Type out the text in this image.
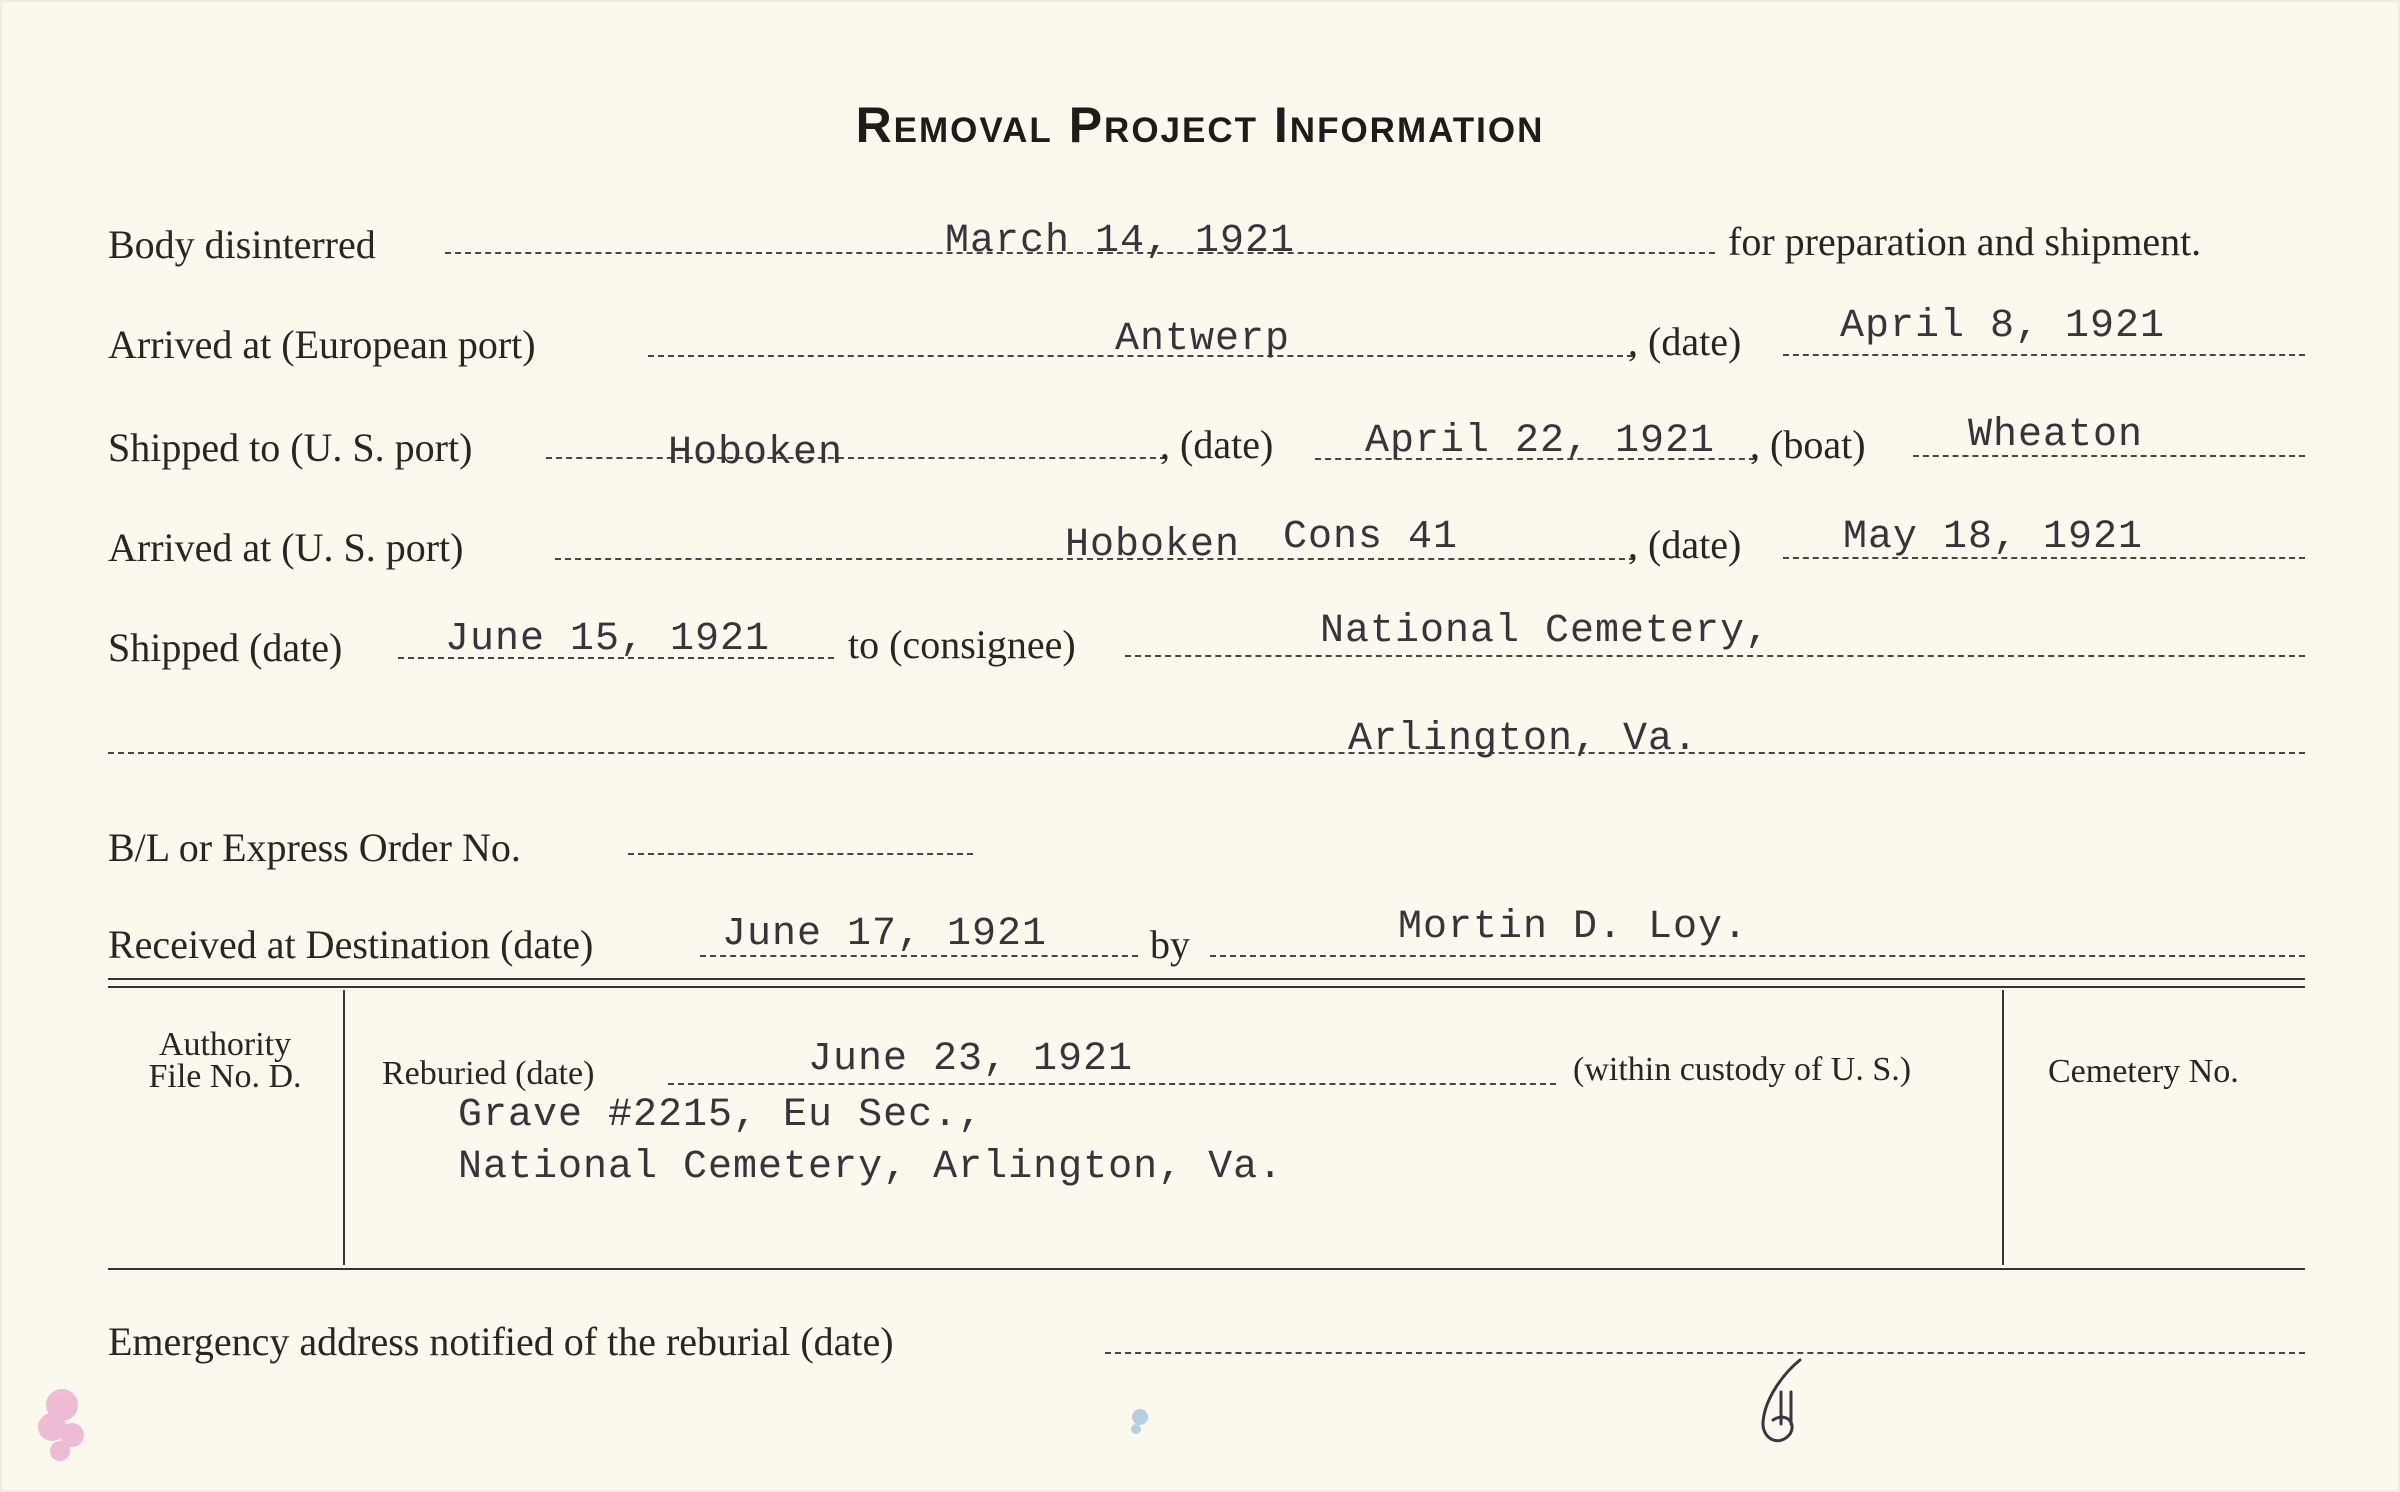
Removal Project Information
Body disinterred	March 14, 1921	for preparation and shipment.
Arrived at (European port)	Antwerp	, (date) April 8, 1921
Shipped to (U. S. port)	Hoboken	, (date) April 22, 1921 , (boat)	Wheaton
Arrived at (U. S. port)	Hoboken Cons 41	, (date)	May 18, 1921
Shipped (date)	June 15, 1921 to (consignee)	National Cemetery,
Arlington, Va.
B/L or Express Order No.
Received at Destination (date)	June 17, 1921	by	Mortin D. Loy.
Authority
File No. D.	Reburied (date)	June 23, 1921	(within custody of U. S.)	Cemetery No.
Grave #2215, Eu Sec.,
National Cemetery, Arlington, Va.
Emergency address notified of the reburial (date)
